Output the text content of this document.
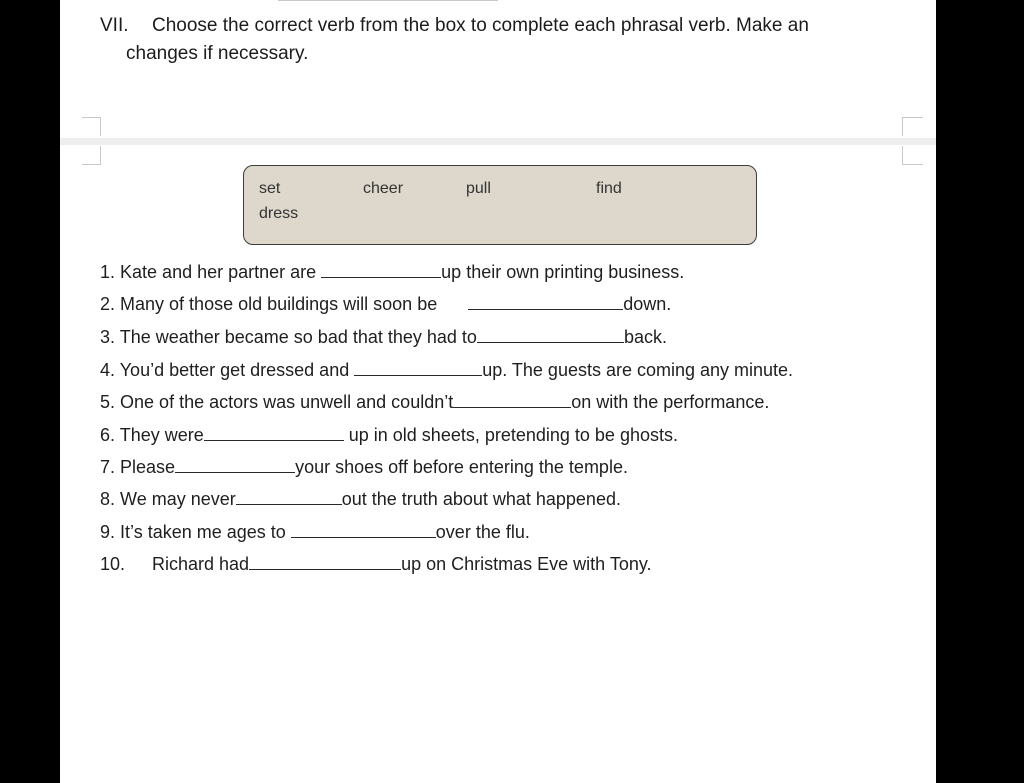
VII. Choose the correct verb from the box to complete each phrasal verb. Make an
changes if necessary.
set	cheer	pull	find
dress
1. Kate and her partner are	up their own printing business.
2. Many of those old buildings will soon be	down.
3. The weather became so bad that they had to	back.
4. You’d better get dressed and	up. The guests are coming any minute.
5. One of the actors was unwell and couldn’t	on with the performance.
6. They were	up in old sheets, pretending to be ghosts.
7. Please	your shoes off before entering the temple.
8. We may never	out the truth about what happened.
9. It’s taken me ages to	over the flu.
10. Richard had	up on Christmas Eve with Tony.
